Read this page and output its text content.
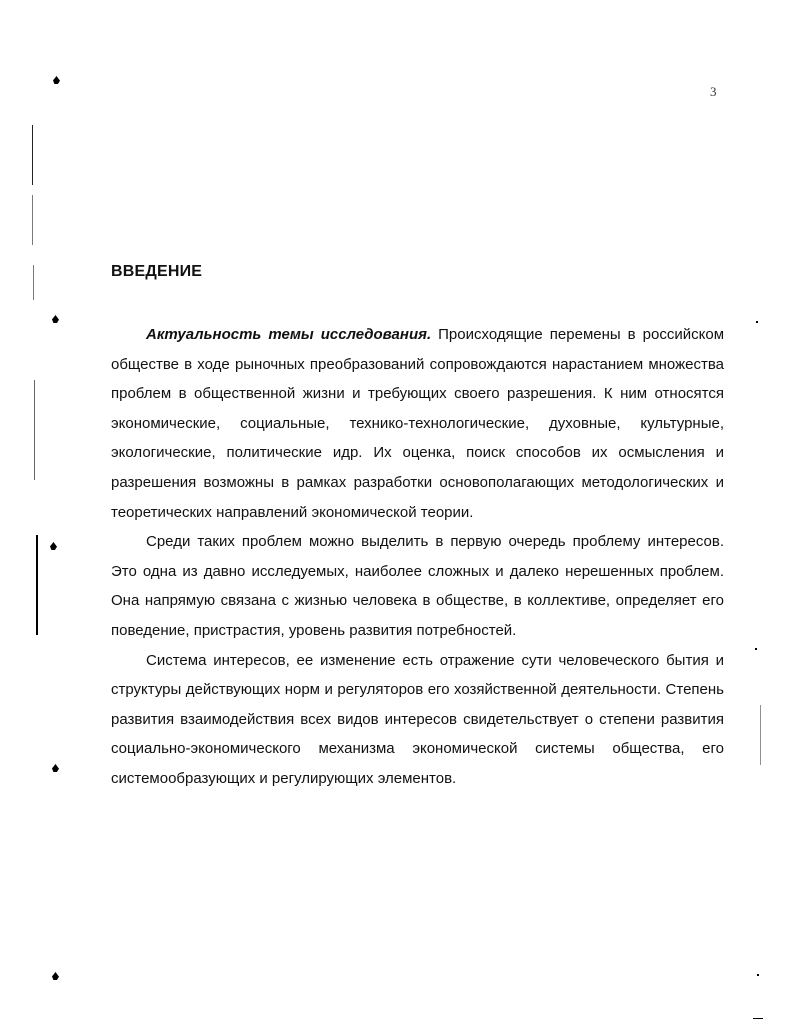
3
ВВЕДЕНИЕ

Актуальность темы исследования. Происходящие перемены в российском обществе в ходе рыночных преобразований сопровождаются нарастанием множества проблем в общественной жизни и требующих своего разрешения. К ним относятся экономические, социальные, технико-технологические, духовные, культурные, экологические, политические идр. Их оценка, поиск способов их осмысления и разрешения возможны в рамках разработки основополагающих методологических и теоретических направлений экономической теории.

Среди таких проблем можно выделить в первую очередь проблему интересов. Это одна из давно исследуемых, наиболее сложных и далеко нерешенных проблем. Она напрямую связана с жизнью человека в обществе, в коллективе, определяет его поведение, пристрастия, уровень развития потребностей.

Система интересов, ее изменение есть отражение сути человеческого бытия и структуры действующих норм и регуляторов его хозяйственной деятельности. Степень развития взаимодействия всех видов интересов свидетельствует о степени развития социально-экономического механизма экономической системы общества, его системообразующих и регулирующих элементов.
